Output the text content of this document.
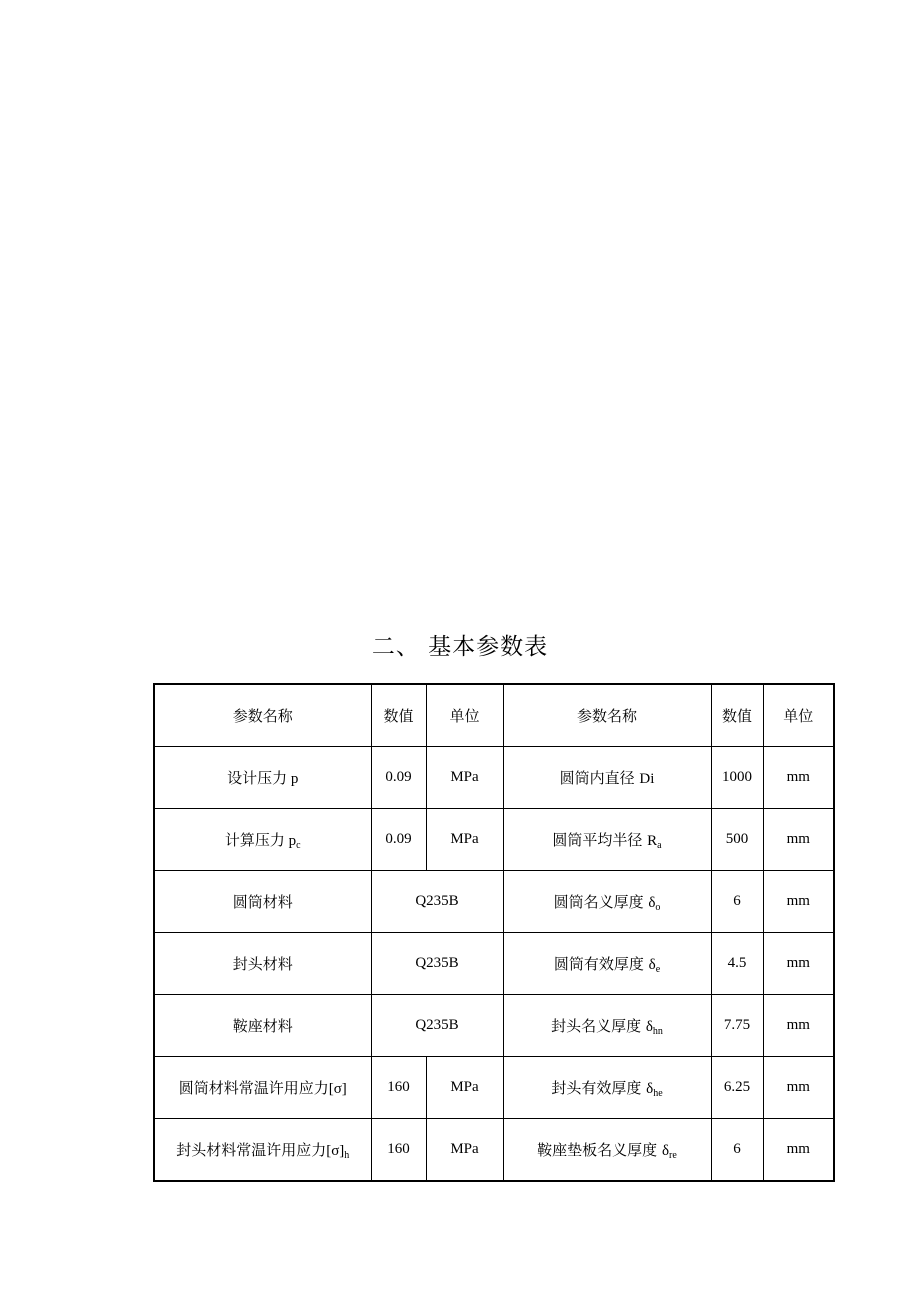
二、 基本参数表
参数名称	数值	单位	参数名称	数值	单位
设计压力 p	0.09	MPa	圆筒内直径 Di	1000	mm
计算压力 $p_c$	0.09	MPa	圆筒平均半径 $R_a$	500	mm
圆筒材料	Q235B		圆筒名义厚度 $\delta_o$	6	mm
封头材料	Q235B		圆筒有效厚度 $\delta_e$	4.5	mm
鞍座材料	Q235B		封头名义厚度 $\delta_{hn}$	7.75	mm
圆筒材料常温许用应力[σ]	160	MPa	封头有效厚度 $\delta_{he}$	6.25	mm
封头材料常温许用应力$[\sigma]_h$	160	MPa	鞍座垫板名义厚度 $\delta_{re}$	6	mm
